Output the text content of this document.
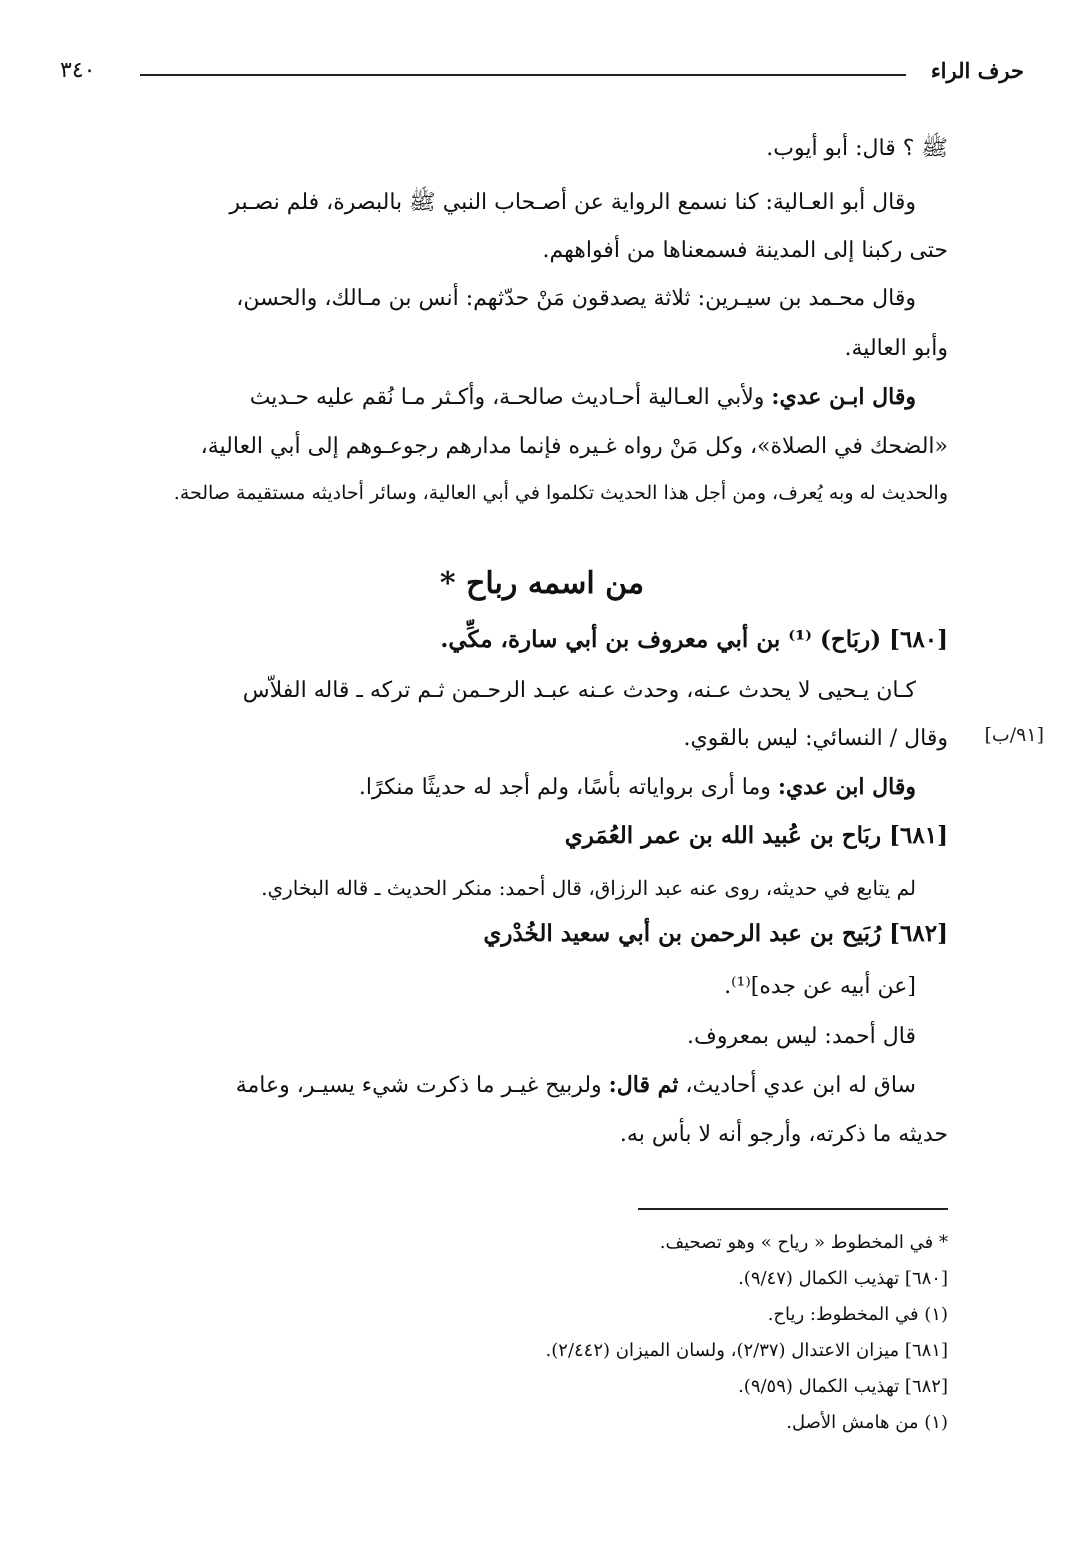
حرف الراء
٣٤٠
ﷺ ؟ قال: أبو أيوب.
وقال أبو العـالية: كنا نسمع الرواية عن أصـحاب النبي ﷺ بالبصرة، فلم نصـبر
حتى ركبنا إلى المدينة فسمعناها من أفواههم.
وقال محـمد بن سيـرين: ثلاثة يصدقون مَنْ حدّثهم: أنس بن مـالك، والحسن،
وأبو العالية.
وقال ابـن عدي: ولأبي العـالية أحـاديث صالحـة، وأكـثر مـا نُقم عليه حـديث
«الضحك في الصلاة»، وكل مَنْ رواه غـيره فإنما مدارهم رجوعـوهم إلى أبي العالية،
والحديث له وبه يُعرف، ومن أجل هذا الحديث تكلموا في أبي العالية، وسائر أحاديثه مستقيمة صالحة.
من اسمه رباح *
[٦٨٠] (ربَاح) ⁽¹⁾ بن أبي معروف بن أبي سارة، مكِّي.
كـان يـحيى لا يحدث عـنه، وحدث عـنه عبـد الرحـمن ثـم تركه ـ قاله الفلاّس
وقال / النسائي: ليس بالقوي.
وقال ابن عدي: وما أرى برواياته بأسًا، ولم أجد له حديثًا منكرًا.
[٦٨١] ربَاح بن عُبيد الله بن عمر العُمَري
لم يتابع في حديثه، روى عنه عبد الرزاق، قال أحمد: منكر الحديث ـ قاله البخاري.
[٦٨٢] رُبَيح بن عبد الرحمن بن أبي سعيد الخُدْري
[عن أبيه عن جده]⁽¹⁾.
قال أحمد: ليس بمعروف.
ساق له ابن عدي أحاديث، ثم قال: ولربيح غيـر ما ذكرت شيء يسيـر، وعامة
حديثه ما ذكرته، وأرجو أنه لا بأس به.
[٩١/ب]
* في المخطوط « رياح » وهو تصحيف.
[٦٨٠] تهذيب الكمال (٩/٤٧).
(١) في المخطوط: رياح.
[٦٨١] ميزان الاعتدال (٢/٣٧)، ولسان الميزان (٢/٤٤٢).
[٦٨٢] تهذيب الكمال (٩/٥٩).
(١) من هامش الأصل.
